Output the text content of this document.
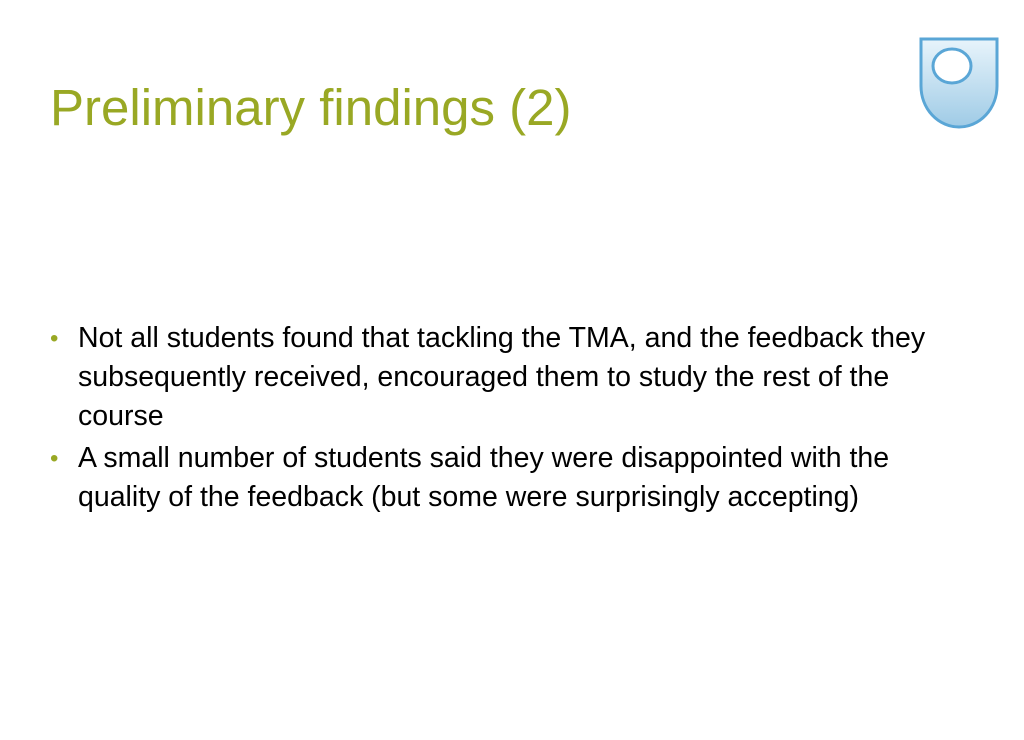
Preliminary findings (2)
• Not all students found that tackling the TMA, and the feedback they subsequently received, encouraged them to study the rest of the course
• A small number of students said they were disappointed with the quality of the feedback (but some were surprisingly accepting)
